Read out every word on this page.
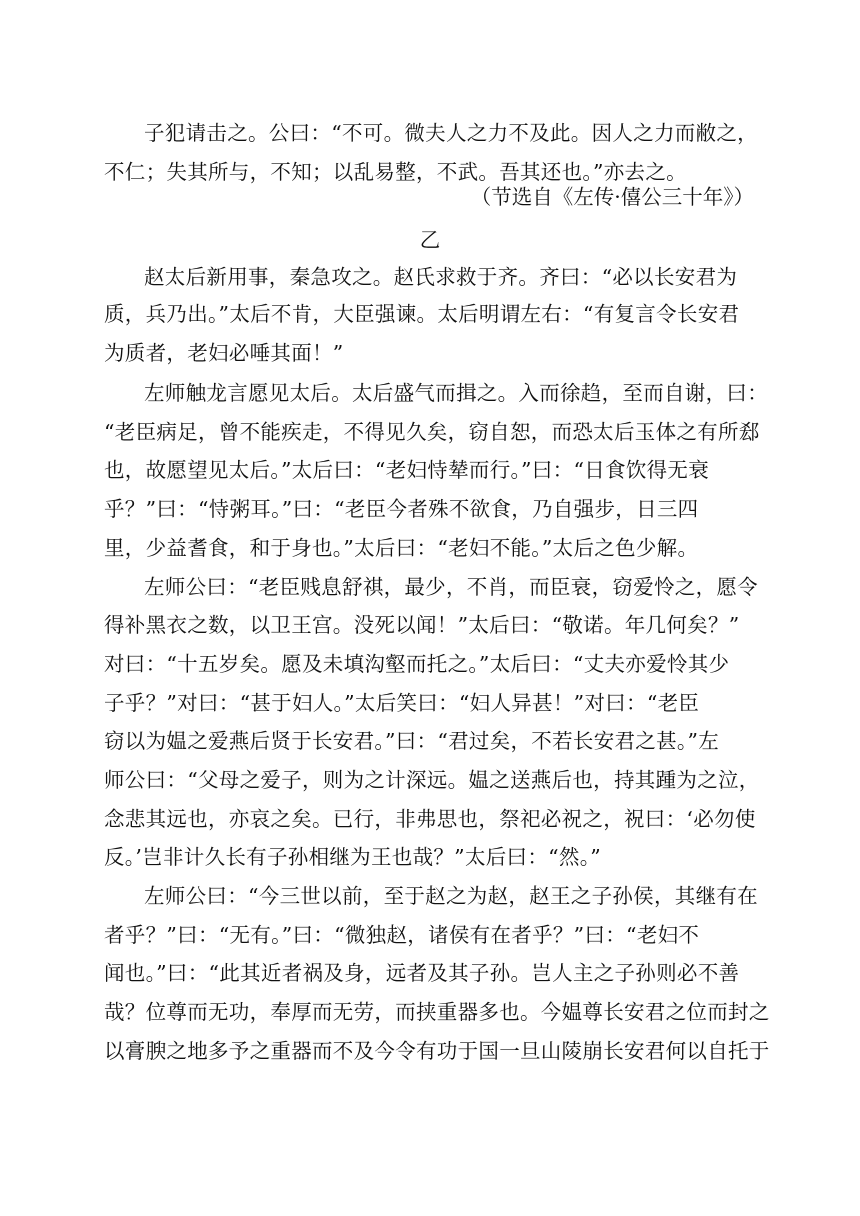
子犯请击之。公曰：“不可。微夫人之力不及此。因人之力而敝之，
不仁；失其所与，不知；以乱易整，不武。吾其还也。”亦去之。
（节选自《左传·僖公三十年》）
乙
赵太后新用事，秦急攻之。赵氏求救于齐。齐曰：“必以长安君为
质，兵乃出。”太后不肯，大臣强谏。太后明谓左右：“有复言令长安君
为质者，老妇必唾其面！”
左师触龙言愿见太后。太后盛气而揖之。入而徐趋，至而自谢，曰：
“老臣病足，曾不能疾走，不得见久矣，窃自恕，而恐太后玉体之有所郄
也，故愿望见太后。”太后曰：“老妇恃辇而行。”曰：“日食饮得无衰
乎？”曰：“恃粥耳。”曰：“老臣今者殊不欲食，乃自强步，日三四
里，少益耆食，和于身也。”太后曰：“老妇不能。”太后之色少解。
左师公曰：“老臣贱息舒祺，最少，不肖，而臣衰，窃爱怜之，愿令
得补黑衣之数，以卫王宫。没死以闻！”太后曰：“敬诺。年几何矣？”
对曰：“十五岁矣。愿及未填沟壑而托之。”太后曰：“丈夫亦爱怜其少
子乎？”对曰：“甚于妇人。”太后笑曰：“妇人异甚！”对曰：“老臣
窃以为媪之爱燕后贤于长安君。”曰：“君过矣，不若长安君之甚。”左
师公曰：“父母之爱子，则为之计深远。媪之送燕后也，持其踵为之泣，
念悲其远也，亦哀之矣。已行，非弗思也，祭祀必祝之，祝曰：‘必勿使
反。’岂非计久长有子孙相继为王也哉？”太后曰：“然。”
左师公曰：“今三世以前，至于赵之为赵，赵王之子孙侯，其继有在
者乎？”曰：“无有。”曰：“微独赵，诸侯有在者乎？”曰：“老妇不
闻也。”曰：“此其近者祸及身，远者及其子孙。岂人主之子孙则必不善
哉？位尊而无功，奉厚而无劳，而挟重器多也。今媪尊长安君之位而封之
以膏腴之地多予之重器而不及今令有功于国一旦山陵崩长安君何以自托于
